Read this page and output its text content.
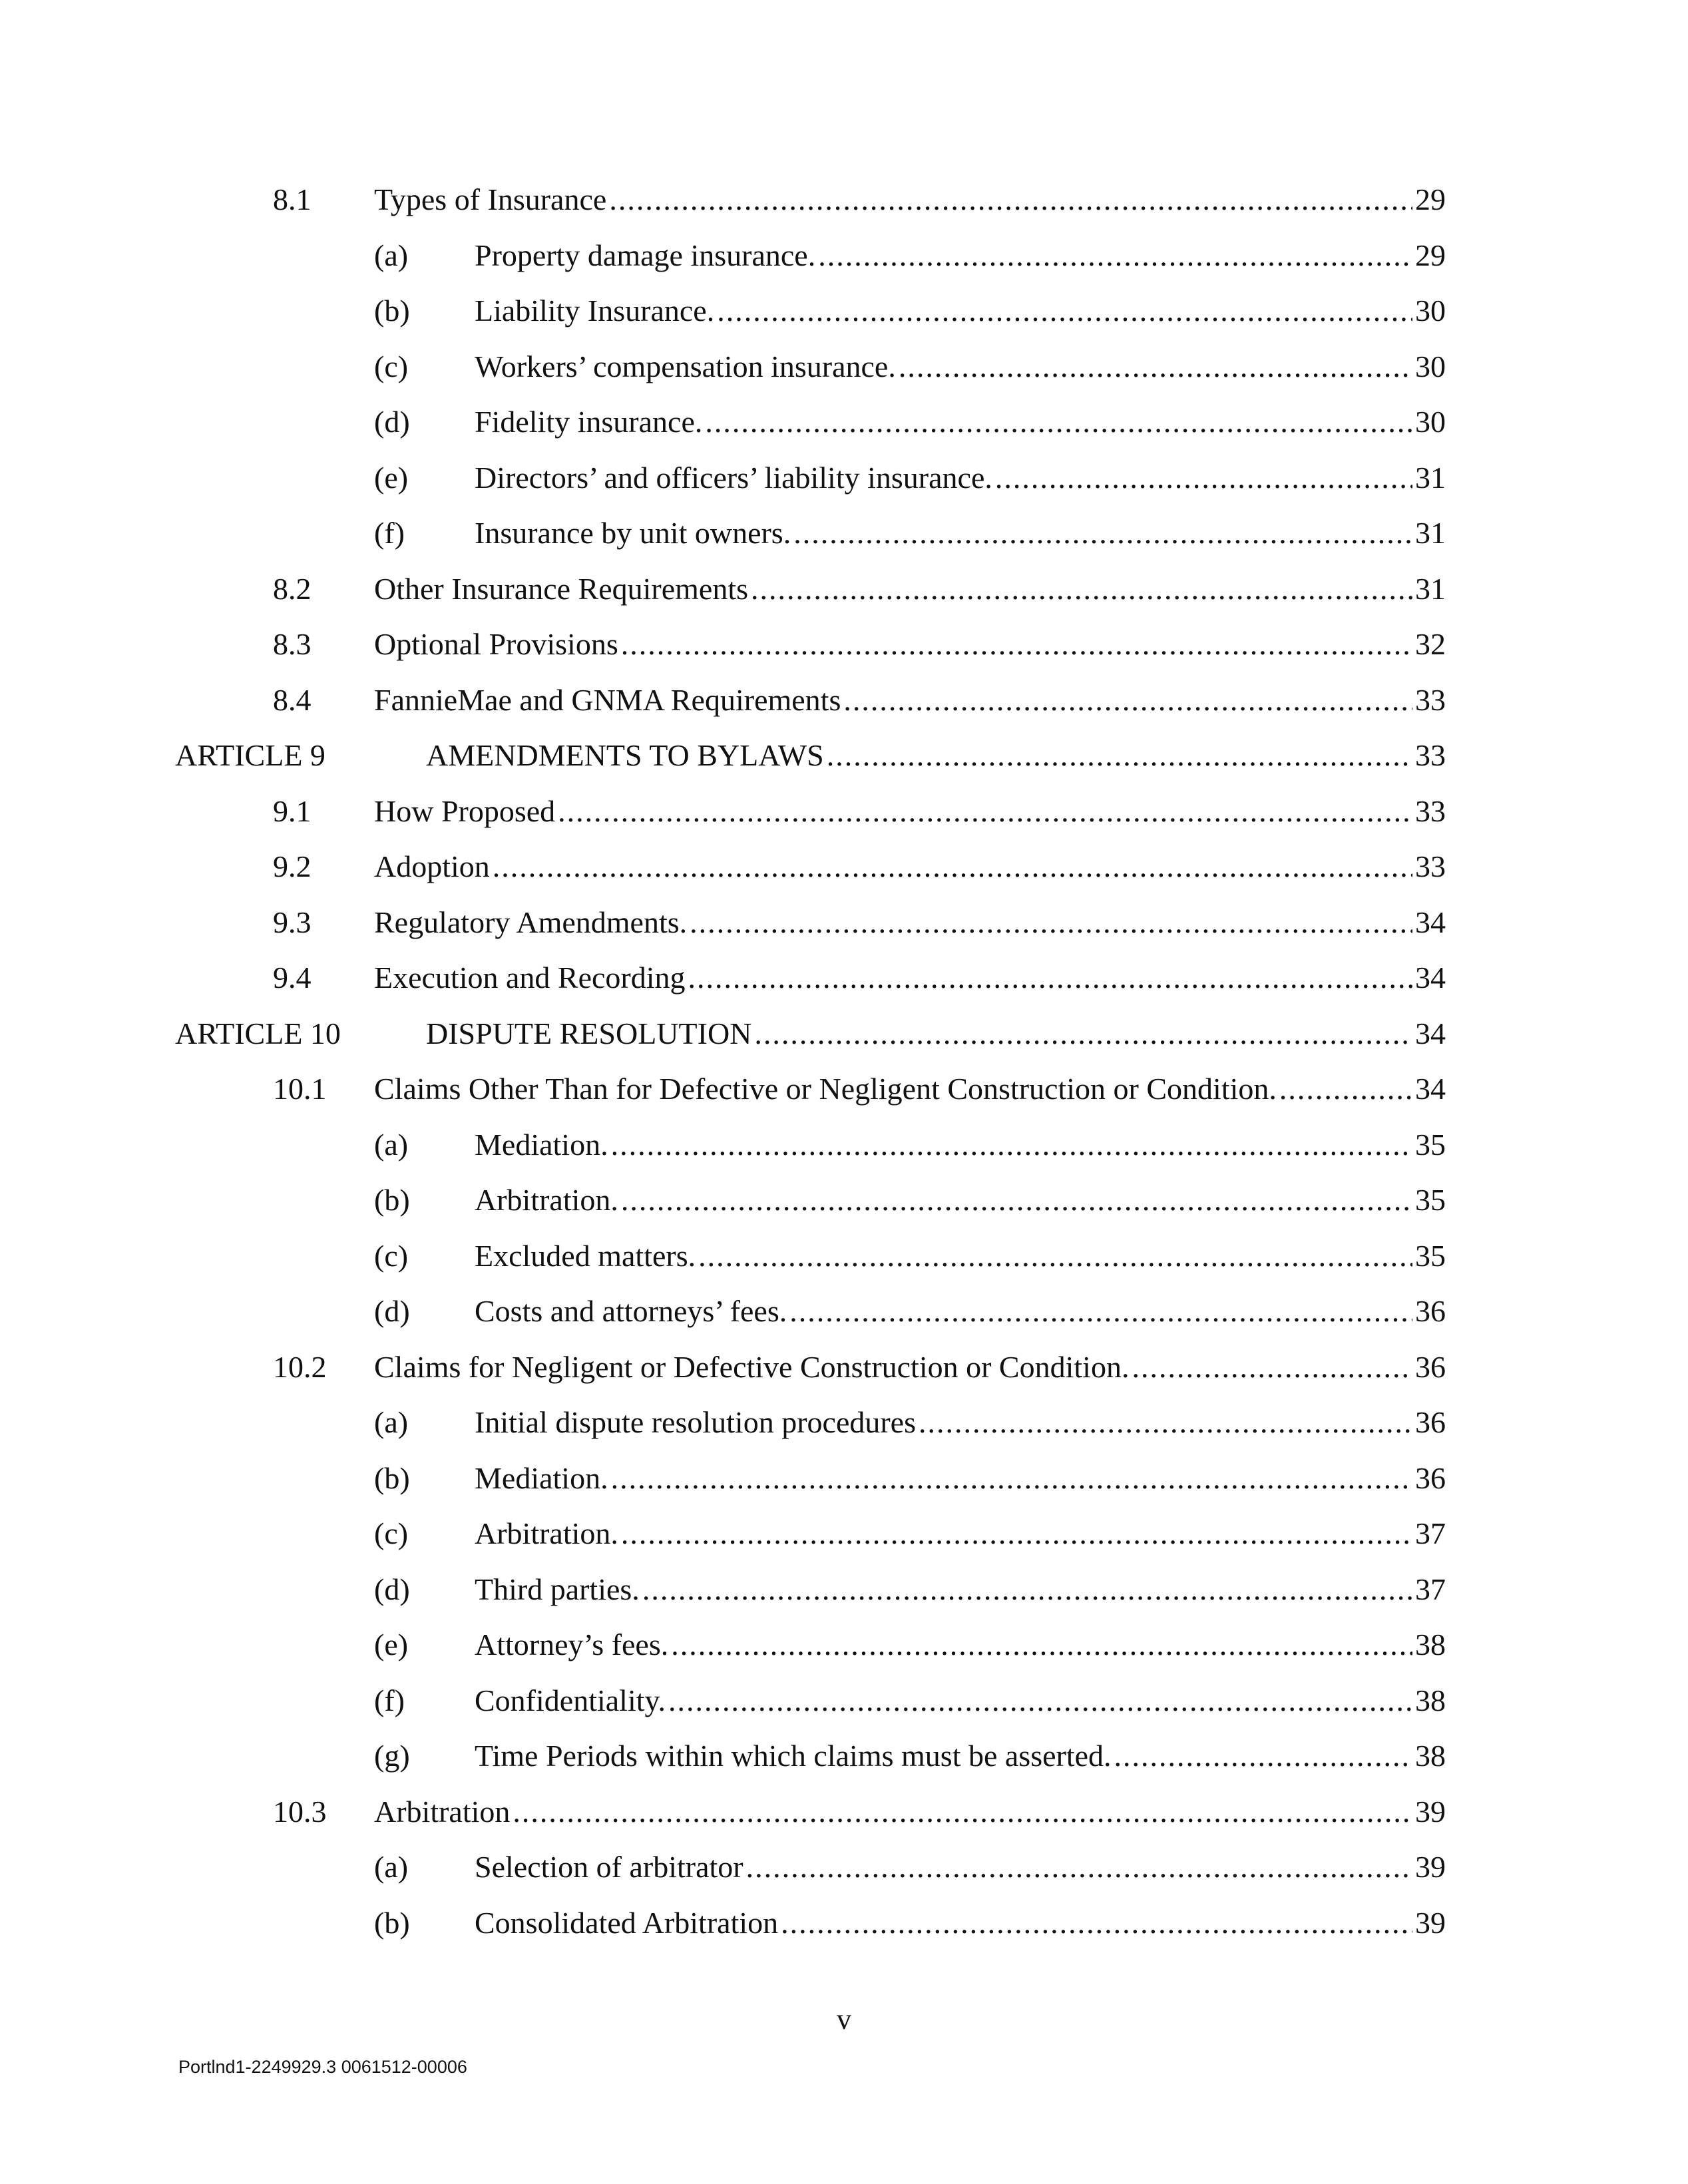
8.1 Types of Insurance .....	29
(a) Property damage insurance. .....	29
(b) Liability Insurance. .....	30
(c) Workers’ compensation insurance. .....	30
(d) Fidelity insurance. .....	30
(e) Directors’ and officers’ liability insurance. .....	31
(f) Insurance by unit owners. .....	31
8.2 Other Insurance Requirements .....	31
8.3 Optional Provisions .....	32
8.4 FannieMae and GNMA Requirements .....	33
ARTICLE 9	AMENDMENTS TO BYLAWS .....	33
9.1 How Proposed .....	33
9.2 Adoption .....	33
9.3 Regulatory Amendments. .....	34
9.4 Execution and Recording .....	34
ARTICLE 10	DISPUTE RESOLUTION .....	34
10.1 Claims Other Than for Defective or Negligent Construction or Condition. .....	34
(a) Mediation. .....	35
(b) Arbitration. .....	35
(c) Excluded matters. .....	35
(d) Costs and attorneys’ fees. .....	36
10.2 Claims for Negligent or Defective Construction or Condition. .....	36
(a) Initial dispute resolution procedures .....	36
(b) Mediation. .....	36
(c) Arbitration. .....	37
(d) Third parties. .....	37
(e) Attorney’s fees. .....	38
(f) Confidentiality. .....	38
(g) Time Periods within which claims must be asserted. .....	38
10.3 Arbitration .....	39
(a) Selection of arbitrator .....	39
(b) Consolidated Arbitration .....	39
v
Portlnd1-2249929.3 0061512-00006
